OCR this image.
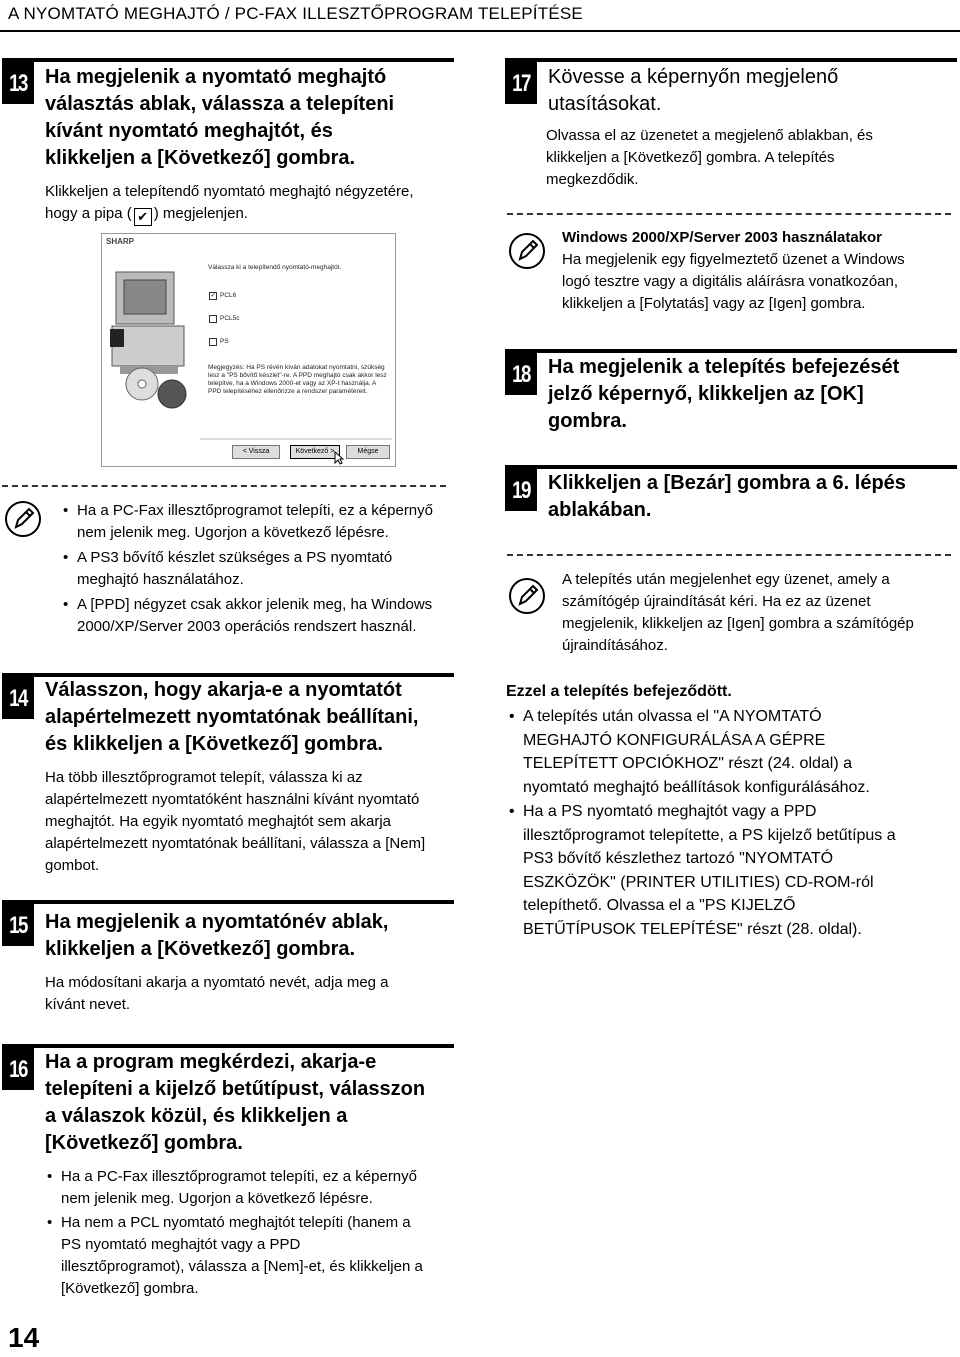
A NYOMTATÓ MEGHAJTÓ / PC-FAX ILLESZTŐPROGRAM TELEPÍTÉSE
13 Ha megjelenik a nyomtató meghajtó
választás ablak, válassza a telepíteni
kívánt nyomtató meghajtót, és
klikkeljen a [Következő] gombra.
Klikkeljen a telepítendő nyomtató meghajtó négyzetére,
hogy a pipa ( ✔ ) megjelenjen.
SHARP
Válassza ki a telepítendő nyomtató-meghajtót.
✓ PCL6
PCL5c
PS
Megjegyzés: Ha PS révén kíván adatokat nyomtatni, szükség lesz a "PS bővítő készlet"-re. A PPD meghajtó csak akkor lesz telepítve, ha a Windows 2000-et vagy az XP-t használja. A PPD telepítéséhez ellenőrizze a rendszer paramétereit.
< Vissza	Következő >	Mégse
• Ha a PC-Fax illesztőprogramot telepíti, ez a képernyő
nem jelenik meg. Ugorjon a következő lépésre.
• A PS3 bővítő készlet szükséges a PS nyomtató
meghajtó használatához.
• A [PPD] négyzet csak akkor jelenik meg, ha Windows
2000/XP/Server 2003 operációs rendszert használ.
14 Válasszon, hogy akarja-e a nyomtatót
alapértelmezett nyomtatónak beállítani,
és klikkeljen a [Következő] gombra.
Ha több illesztőprogramot telepít, válassza ki az
alapértelmezett nyomtatóként használni kívánt nyomtató
meghajtót. Ha egyik nyomtató meghajtót sem akarja
alapértelmezett nyomtatónak beállítani, válassza a [Nem]
gombot.
15 Ha megjelenik a nyomtatónév ablak,
klikkeljen a [Következő] gombra.
Ha módosítani akarja a nyomtató nevét, adja meg a
kívánt nevet.
16 Ha a program megkérdezi, akarja-e
telepíteni a kijelző betűtípust, válasszon
a válaszok közül, és klikkeljen a
[Következő] gombra.
• Ha a PC-Fax illesztőprogramot telepíti, ez a képernyő
nem jelenik meg. Ugorjon a következő lépésre.
• Ha nem a PCL nyomtató meghajtót telepíti (hanem a
PS nyomtató meghajtót vagy a PPD
illesztőprogramot), válassza a [Nem]-et, és klikkeljen a
[Következő] gombra.
17 Kövesse a képernyőn megjelenő
utasításokat.
Olvassa el az üzenetet a megjelenő ablakban, és
klikkeljen a [Következő] gombra. A telepítés
megkezdődik.
Windows 2000/XP/Server 2003 használatakor
Ha megjelenik egy figyelmeztető üzenet a Windows
logó tesztre vagy a digitális aláírásra vonatkozóan,
klikkeljen a [Folytatás] vagy az [Igen] gombra.
18 Ha megjelenik a telepítés befejezését
jelző képernyő, klikkeljen az [OK]
gombra.
19 Klikkeljen a [Bezár] gombra a 6. lépés
ablakában.
A telepítés után megjelenhet egy üzenet, amely a
számítógép újraindítását kéri. Ha ez az üzenet
megjelenik, klikkeljen az [Igen] gombra a számítógép
újraindításához.
Ezzel a telepítés befejeződött.
• A telepítés után olvassa el "A NYOMTATÓ
MEGHAJTÓ KONFIGURÁLÁSA A GÉPRE
TELEPÍTETT OPCIÓKHOZ" részt (24. oldal) a
nyomtató meghajtó beállítások konfigurálásához.
• Ha a PS nyomtató meghajtót vagy a PPD
illesztőprogramot telepítette, a PS kijelző betűtípus a
PS3 bővítő készlethez tartozó "NYOMTATÓ
ESZKÖZÖK" (PRINTER UTILITIES) CD-ROM-ról
telepíthető. Olvassa el a "PS KIJELZŐ
BETŰTÍPUSOK TELEPÍTÉSE" részt (28. oldal).
14
